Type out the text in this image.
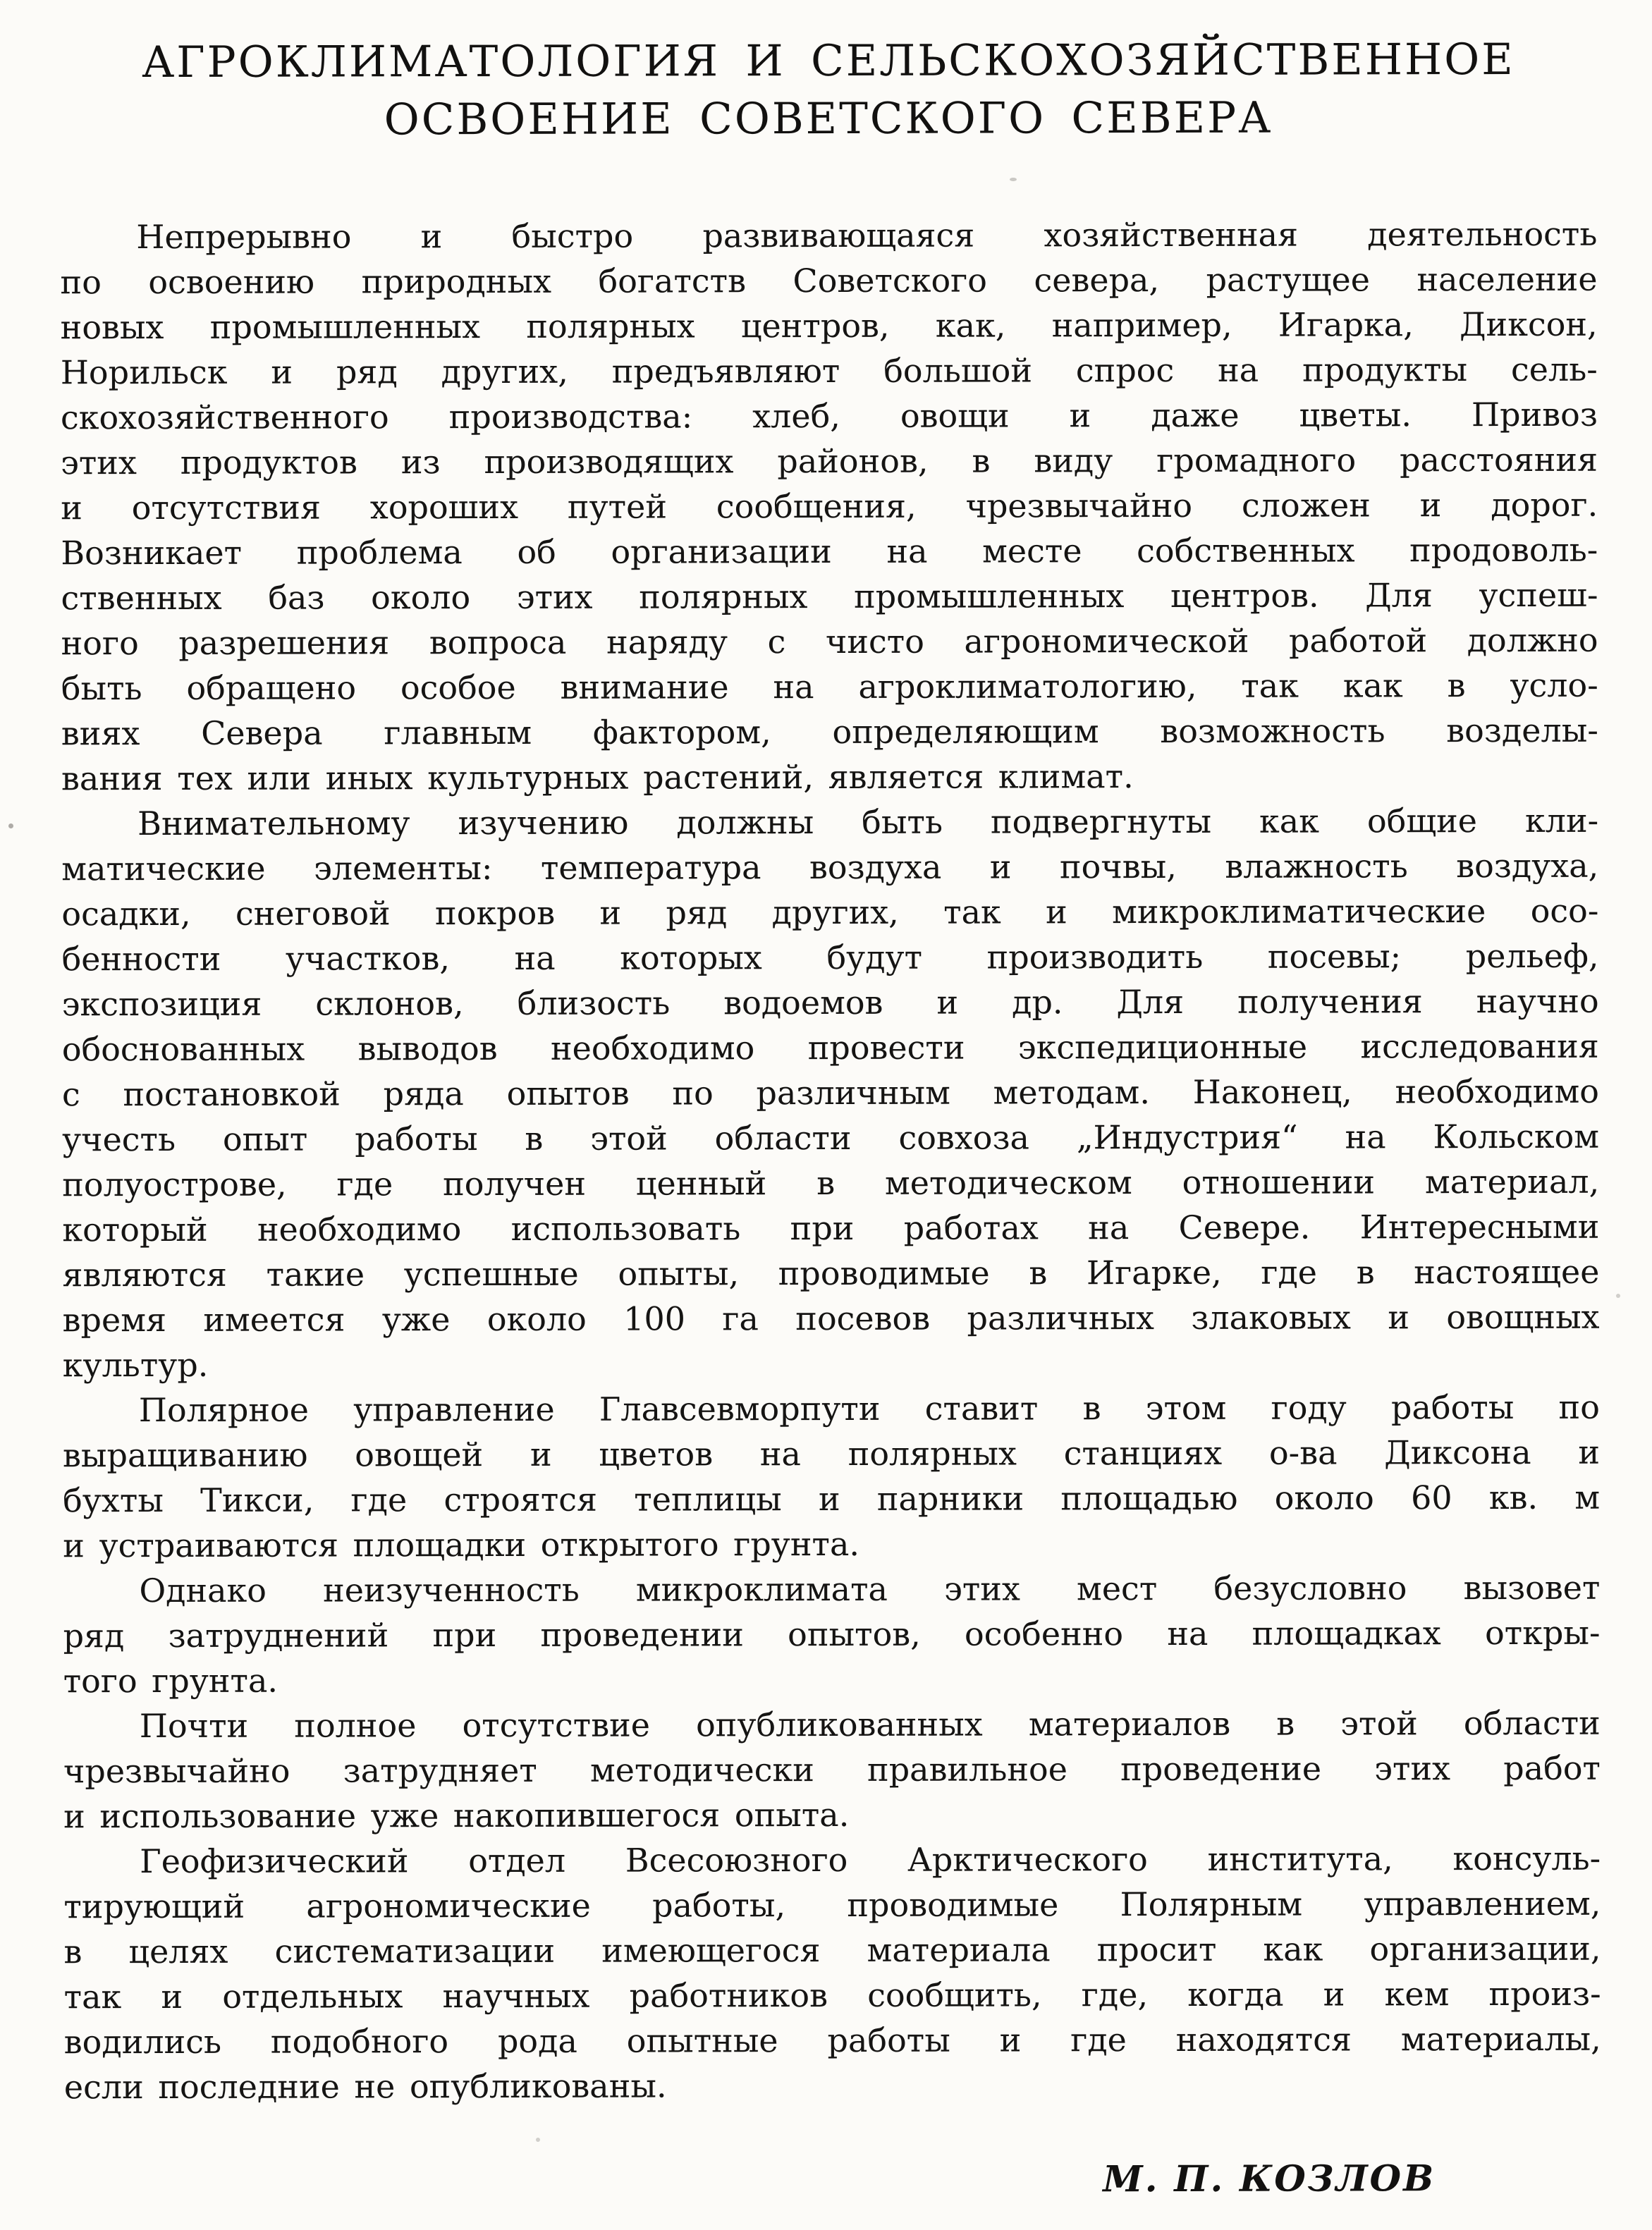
АГРОКЛИМАТОЛОГИЯ И СЕЛЬСКОХОЗЯЙСТВЕННОЕ
ОСВОЕНИЕ СОВЕТСКОГО СЕВЕРА
Непрерывно и быстро развивающаяся хозяйственная деятельность
по освоению природных богатств Советского севера, растущее население
новых промышленных полярных центров, как, например, Игарка, Диксон,
Норильск и ряд других, предъявляют большой спрос на продукты сель-
скохозяйственного производства: хлеб, овощи и даже цветы. Привоз
этих продуктов из производящих районов, в виду громадного расстояния
и отсутствия хороших путей сообщения, чрезвычайно сложен и дорог.
Возникает проблема об организации на месте собственных продоволь-
ственных баз около этих полярных промышленных центров. Для успеш-
ного разрешения вопроса наряду с чисто агрономической работой должно
быть обращено особое внимание на агроклиматологию, так как в усло-
виях Севера главным фактором, определяющим возможность возделы-
вания тех или иных культурных растений, является климат.
Внимательному изучению должны быть подвергнуты как общие кли-
матические элементы: температура воздуха и почвы, влажность воздуха,
осадки, снеговой покров и ряд других, так и микроклиматические осо-
бенности участков, на которых будут производить посевы; рельеф,
экспозиция склонов, близость водоемов и др. Для получения научно
обоснованных выводов необходимо провести экспедиционные исследования
с постановкой ряда опытов по различным методам. Наконец, необходимо
учесть опыт работы в этой области совхоза „Индустрия“ на Кольском
полуострове, где получен ценный в методическом отношении материал,
который необходимо использовать при работах на Севере. Интересными
являются такие успешные опыты, проводимые в Игарке, где в настоящее
время имеется уже около 100 га посевов различных злаковых и овощных
культур.
Полярное управление Главсевморпути ставит в этом году работы по
выращиванию овощей и цветов на полярных станциях о-ва Диксона и
бухты Тикси, где строятся теплицы и парники площадью около 60 кв. м
и устраиваются площадки открытого грунта.
Однако неизученность микроклимата этих мест безусловно вызовет
ряд затруднений при проведении опытов, особенно на площадках откры-
того грунта.
Почти полное отсутствие опубликованных материалов в этой области
чрезвычайно затрудняет методически правильное проведение этих работ
и использование уже накопившегося опыта.
Геофизический отдел Всесоюзного Арктического института, консуль-
тирующий агрономические работы, проводимые Полярным управлением,
в целях систематизации имеющегося материала просит как организации,
так и отдельных научных работников сообщить, где, когда и кем произ-
водились подобного рода опытные работы и где находятся материалы,
если последние не опубликованы.
М. П. КОЗЛОВ
